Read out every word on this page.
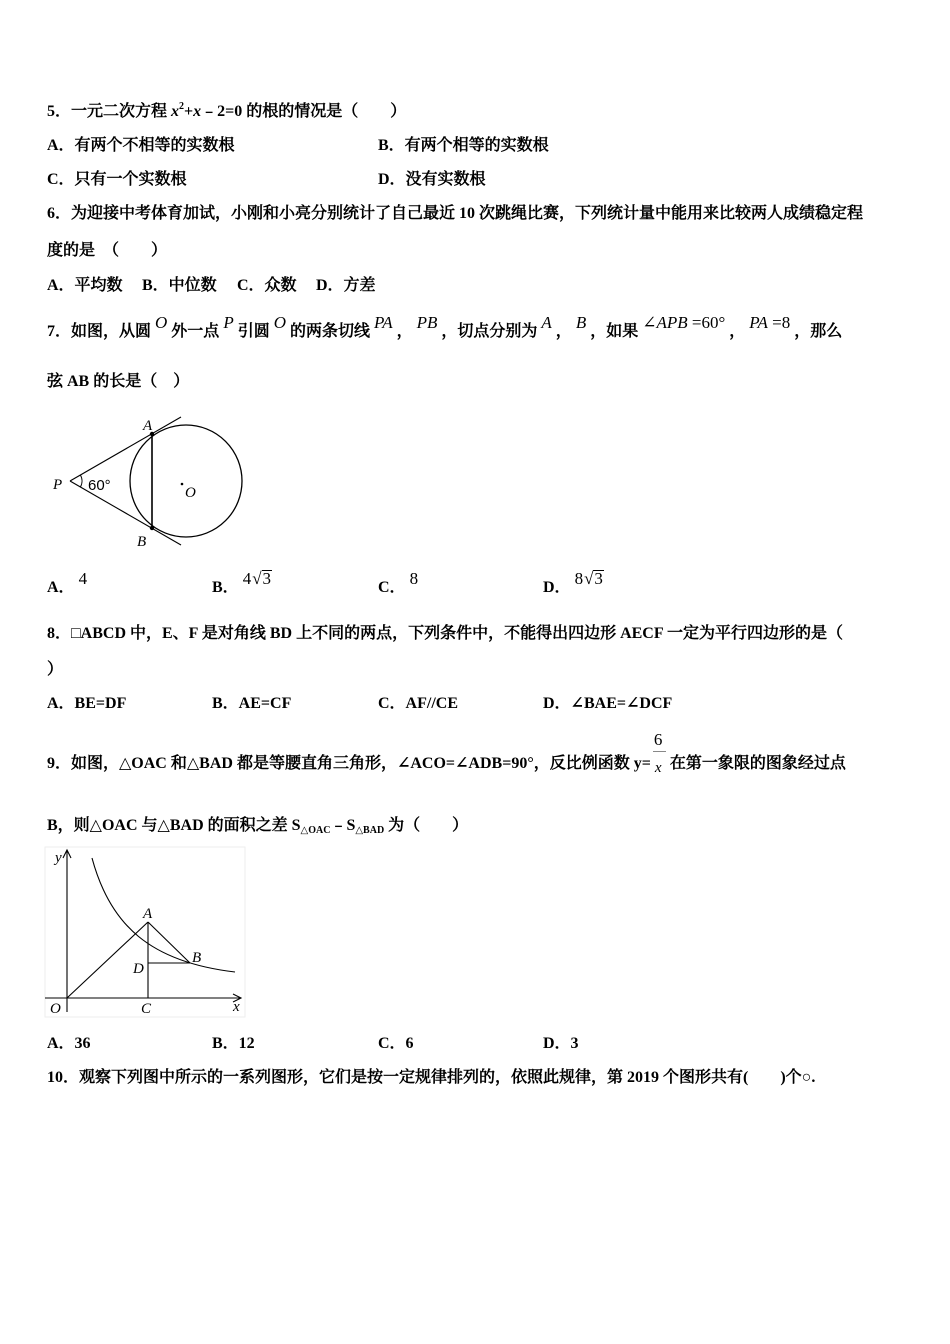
5．一元二次方程 $x^2+x﹣2=0$ 的根的情况是（　　）
A．有两个不相等的实数根	B．有两个相等的实数根
C．只有一个实数根	D．没有实数根
6．为迎接中考体育加试，小刚和小亮分别统计了自己最近 10 次跳绳比赛，下列统计量中能用来比较两人成绩稳定程
度的是　（　　）
A．平均数 B．中位数 C．众数 D．方差
7．如图，从圆 O 外一点 P 引圆 O 的两条切线 PA ， PB ，切点分别为 A ， B ，如果 ∠APB =60° ， PA =8 ，那么
弦 AB 的长是（　）
A
P 60°	O
B
A． 4	B． 4√3	C． 8	D． 8√3
8．□ABCD 中，E、F 是对角线 BD 上不同的两点，下列条件中，不能得出四边形 AECF 一定为平行四边形的是（
）
A．BE=DF	B．AE=CF	C．AF//CE	D．∠BAE=∠DCF
9．如图，△OAC 和△BAD 都是等腰直角三角形，∠ACO=∠ADB=90°，反比例函数 $y= \frac{6}{x}$ 在第一象限的图象经过点
B，则△OAC 与△BAD 的面积之差 $S_{\triangle OAC}﹣S_{\triangle BAD}$ 为（　　）
y
x
O	C
A
B
D
A．36	B．12	C．6	D．3
10．观察下列图中所示的一系列图形，它们是按一定规律排列的，依照此规律，第 2019 个图形共有(　　)个○.
